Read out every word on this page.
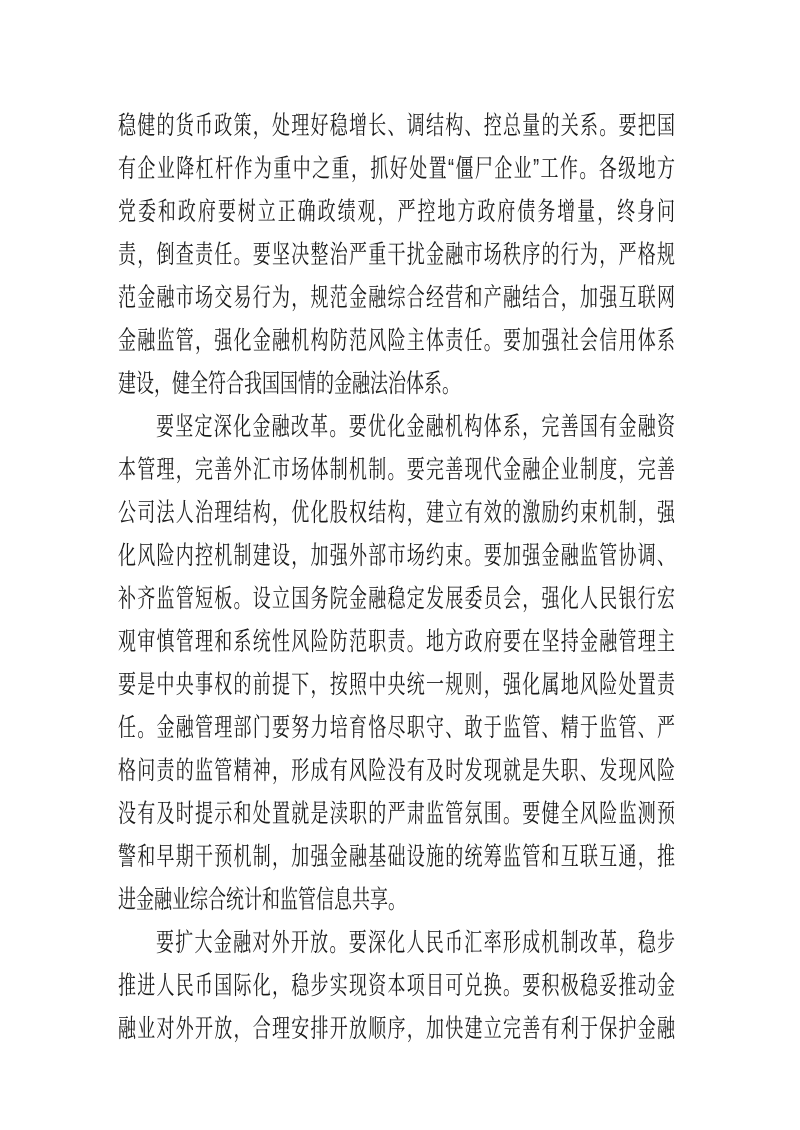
稳健的货币政策，处理好稳增长、调结构、控总量的关系。要把国
有企业降杠杆作为重中之重，抓好处置“僵尸企业”工作。各级地方
党委和政府要树立正确政绩观，严控地方政府债务增量，终身问
责，倒查责任。要坚决整治严重干扰金融市场秩序的行为，严格规
范金融市场交易行为，规范金融综合经营和产融结合，加强互联网
金融监管，强化金融机构防范风险主体责任。要加强社会信用体系
建设，健全符合我国国情的金融法治体系。
要坚定深化金融改革。要优化金融机构体系，完善国有金融资
本管理，完善外汇市场体制机制。要完善现代金融企业制度，完善
公司法人治理结构，优化股权结构，建立有效的激励约束机制，强
化风险内控机制建设，加强外部市场约束。要加强金融监管协调、
补齐监管短板。设立国务院金融稳定发展委员会，强化人民银行宏
观审慎管理和系统性风险防范职责。地方政府要在坚持金融管理主
要是中央事权的前提下，按照中央统一规则，强化属地风险处置责
任。金融管理部门要努力培育恪尽职守、敢于监管、精于监管、严
格问责的监管精神，形成有风险没有及时发现就是失职、发现风险
没有及时提示和处置就是渎职的严肃监管氛围。要健全风险监测预
警和早期干预机制，加强金融基础设施的统筹监管和互联互通，推
进金融业综合统计和监管信息共享。
要扩大金融对外开放。要深化人民币汇率形成机制改革，稳步
推进人民币国际化，稳步实现资本项目可兑换。要积极稳妥推动金
融业对外开放，合理安排开放顺序，加快建立完善有利于保护金融
